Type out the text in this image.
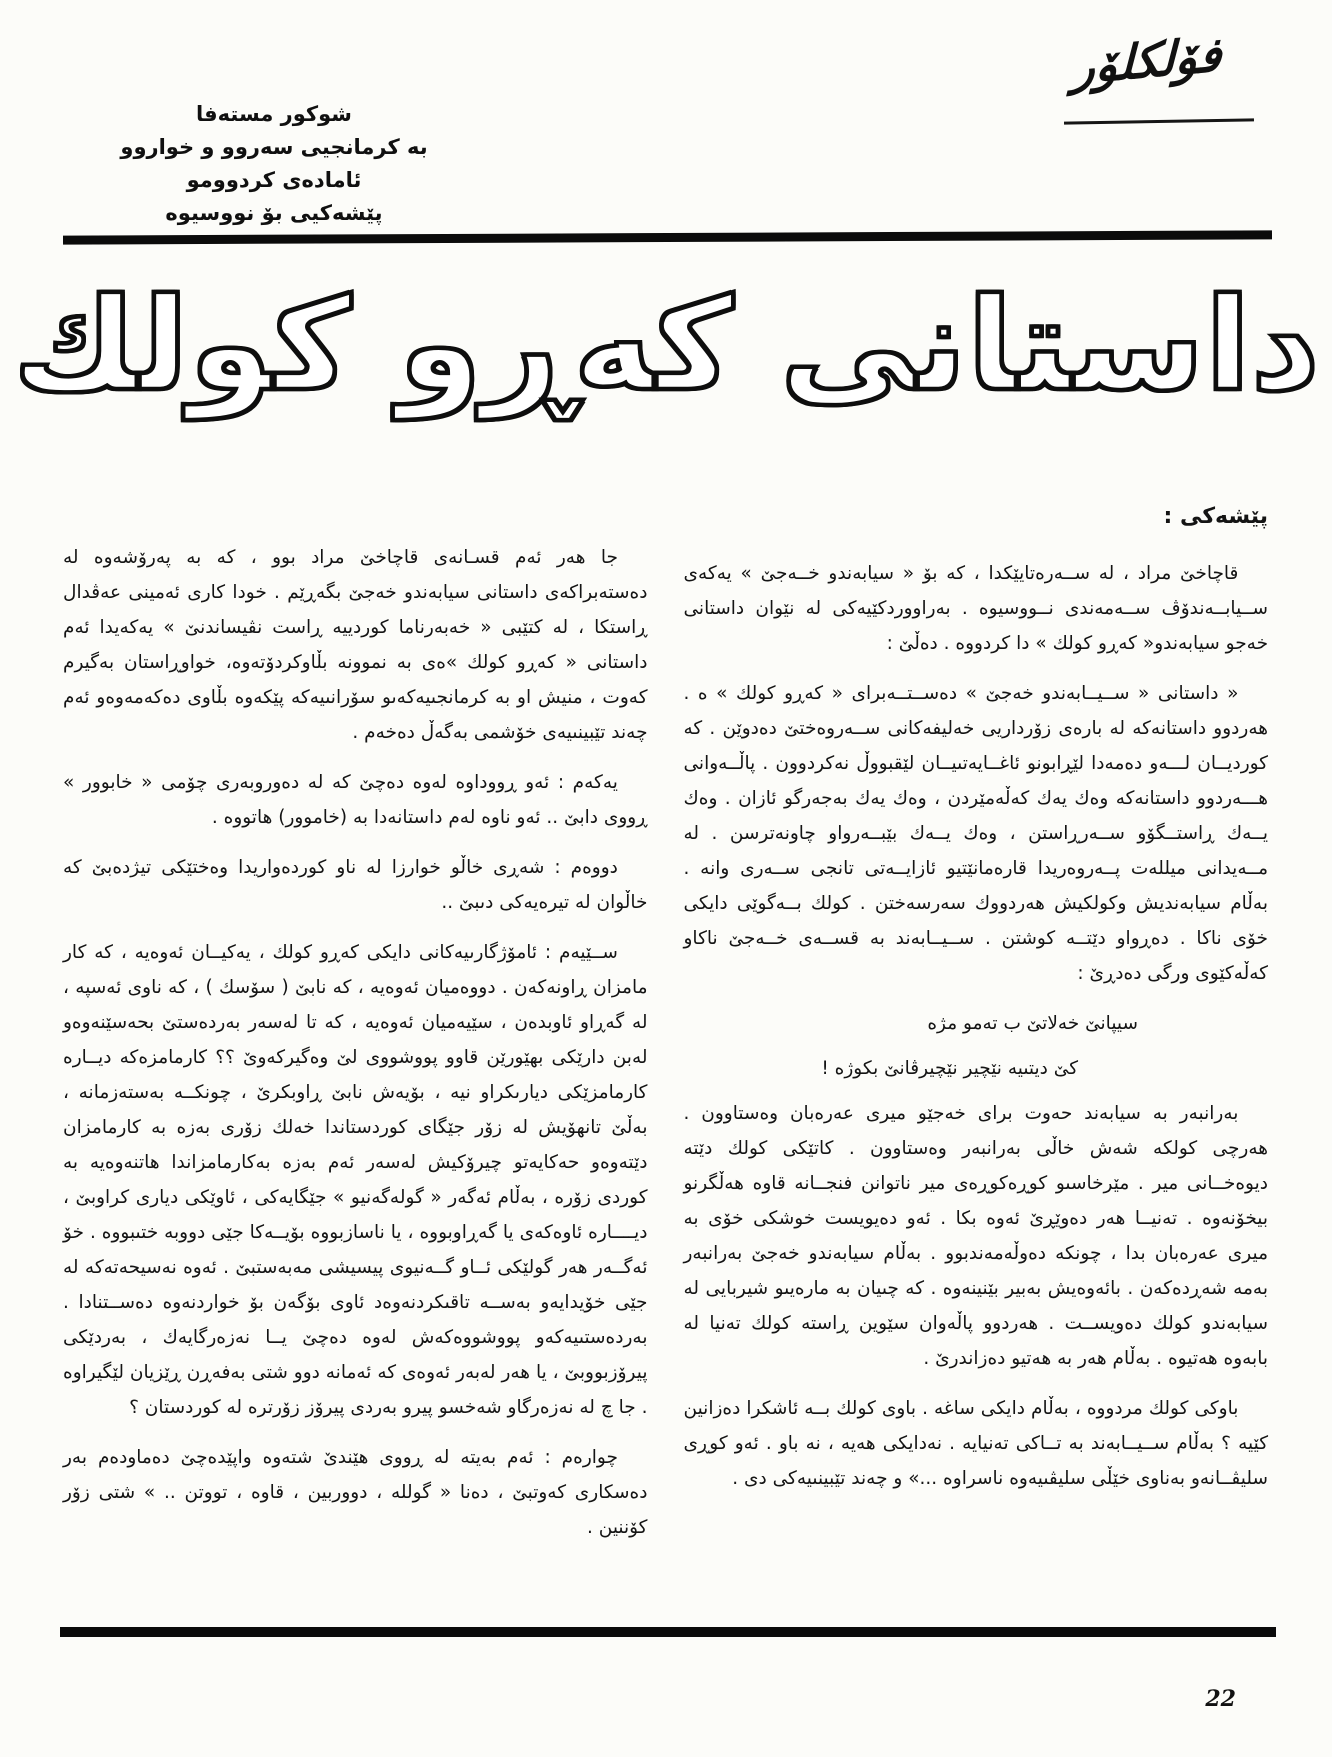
فۆلكلۆر
شوكور مستەفا
به كرمانجيى سەروو و خواروو
ئامادەى كردوومو
پێشەكيى بۆ نووسيوه
داستانى كەڕو كولك
پێشەكى :

قاچاخێ مراد ، له ســەرەتايێكدا ، كه بۆ « سيابەندو خــەجێ » يەكەى ســيابــەندۆڤ ســەمەندى نــووسيوه . بەراووردكێيەكى له نێوان داستانى خەجو سيابەندو« كەڕو كولك » دا كردووه . دەڵێ :

« داستانى « ســيــابەندو خەجێ » دەســتــەبراى « كەڕو كولك » ه . هەردوو داستانەكه له بارەى زۆرداريى خەليفەكانى ســەروەختێ دەدوێن . كه كورديــان لـــەو دەمەدا لێڕابونو ئاغــايەتىيــان لێقبووڵ نەكردوون . پاڵــەوانى هـــەردوو داستانەكه وەك يەك كەڵەمێردن ، وەك يەك بەجەرگو ئازان . وەك يــەك ڕاستــگۆو ســەرڕاستن ، وەك يــەك بێبــەرواو چاونەترسن . له مــەيدانى ميللەت پــەروەريدا قارەمانێتيو ئازايــەتى تانجى ســەرى وانه . بەڵام سيابەنديش وكولكيش هەردووك سەرسەختن . كولك بــەگوێى دايكى خۆى ناكا . دەڕواو دێتــه كوشتن . ســيــابەند به قســەى خــەجێ ناكاو كەڵەكێوى ورگى دەدڕێ :

سيپانێ خەلاتێ ب تەمو مژه

كێ ديتىيه نێچير نێچيرڤانێ بكوژه !

بەرانبەر به سيابەند حەوت براى خەجێو ميرى عەرەبان وەستاوون . هەرچى كولكه شەش خاڵى بەرانبەر وەستاوون . كاتێكى كولك دێته ديوەخــانى مير . مێرخاسىو كوڕەكوڕەى مير ناتوانن فنجــانه قاوه هەڵگرنو بيخۆنەوه . تەنيــا هەر دەوێڕێ ئەوه بكا . ئەو دەيويست خوشكى خۆى به ميرى عەرەبان بدا ، چونكه دەوڵەمەندبوو . بەڵام سيابەندو خەجێ بەرانبەر بەمه شەڕدەكەن . بائەوەيش بەبير بێنينەوه . كه چىيان به مارەيىو شيربايى له سيابەندو كولك دەويســت . هەردوو پاڵەوان سێوين ڕاسته كولك تەنيا له بابەوه هەتيوه . بەڵام هەر به هەتيو دەزاندرێ .

باوكى كولك مردووه ، بەڵام دايكى ساغه . باوى كولك بــه ئاشكرا دەزانين كێيه ؟ بەڵام ســيــابەند به تــاكى تەنيايه . نەدايكى هەيه ، نه باو . ئەو كوڕى سليڤــانەو بەناوى خێڵى سليڤىيەوه ناسراوه ...» و چەند تێبينىيەكى دى .

جا هەر ئەم قسـانەى قاچاخێ مراد بوو ، كه به پەرۆشەوه له دەستەبراكەى داستانى سيابەندو خەجێ بگەڕێم . خودا كارى ئەمينى عەڤدال ڕاستكا ، له كتێبى « خەبەرناما كوردييه ڕاست نڤيساندنێ » يەكەيدا ئەم داستانى « كەڕو كولك »ەى به نموونه بڵاوكردۆتەوه، خواوڕاستان بەگيرم كەوت ، منيش او به كرمانجىيەكەىو سۆرانىيەكه پێكەوه بڵاوى دەكەمەوەو ئەم چەند تێبينىيەى خۆشمى بەگەڵ دەخەم .

يەكەم : ئەو ڕووداوه لەوه دەچێ كه له دەوروبەرى چۆمى « خابوور » ڕووى دابێ .. ئەو ناوه لەم داستانەدا به (خاموور) هاتووه .

دووەم : شەڕى خاڵو خوارزا له ناو كوردەواريدا وەختێكى تيژدەبێ كه خاڵوان له تيرەيەكى دىبێ ..

ســێيەم : ئامۆژگارىيەكانى دايكى كەڕو كولك ، يەكيــان ئەوەيه ، كه كار مامزان ڕاونەكەن . دووەميان ئەوەيه ، كه نابێ ( سۆسك ) ، كه ناوى ئەسپه ، له گەڕاو ئاوبدەن ، سێيەميان ئەوەيه ، كه تا لەسەر بەردەستێ بحەسێنەوەو لەبن دارێكى بهێورێن قاوو پووشووى لێ وەگيركەوێ ؟؟ كارمامزەكه ديــاره كارمامزێكى ديارىكراو نيه ، بۆيەش نابێ ڕاوبكرێ ، چونكــه بەستەزمانه ، بەڵێ تانهۆيش له زۆر جێگاى كوردستاندا خەلك زۆرى بەزه به كارمامزان دێتەوەو حەكايەتو چيرۆكيش لەسەر ئەم بەزه بەكارمامزاندا هاتنەوەيه به كوردى زۆره ، بەڵام ئەگەر « گولەگەنيو » جێگايەكى ، ئاوێكى ديارى كراوبێ ، ديــــاره ئاوەكەى يا گەڕاوبووه ، يا ناسازبووه بۆيــەكا جێى دووبه ختىبووه . خۆ ئەگــەر هەر گولێكى ئــاو گــەنيوى پيسيشى مەبەستبێ . ئەوه نەسيحەتەكه له جێى خۆيدايەو بەســه تاقىكردنەوەد ئاوى بۆگەن بۆ خواردنەوه دەســتنادا . بەردەستىيەكەو پووشووەكەش لەوه دەچێ يــا نەزەرگايەك ، بەردێكى پيرۆزبووبێ ، يا هەر لەبەر ئەوەى كه ئەمانه دوو شتى بەفەڕن ڕێزيان لێگيراوه . جا چ له نەزەرگاو شەخسو پيرو بەردى پيرۆز زۆرتره له كوردستان ؟

چوارەم : ئەم بەيته له ڕووى هێندێ شتەوه واپێدەچێ دەماودەم بەر دەسكارى كەوتبێ ، دەنا « گولله ، دووربين ، قاوه ، تووتن .. » شتى زۆر كۆننين .

22
